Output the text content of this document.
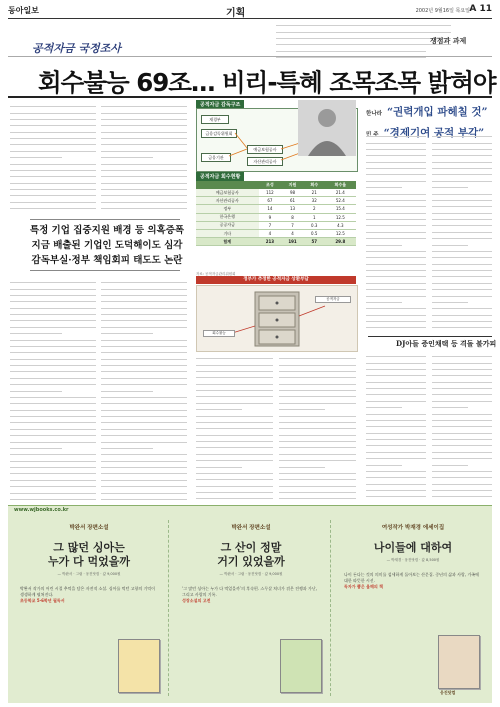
동아일보	기획	2002년 9월16일 목요일 A 11
공적자금 국정조사
쟁점과 과제
회수불능 69조… 비리-특혜 조목조목 밝혀야
특정 기업 집중지원 배경 등 의혹증폭
지금 배출된 기업인 도덕해이도 심각
감독부실·정부 책임회피 태도도 논란
공적자금 감독구조
재경부
금융감독위원회
예금보험공사
자산관리공사
금융기관
공적자금 회수현황
	조성	지원	회수	회수율
예금보험공사	112	98	21	21.4
자산관리공사	67	61	32	52.4
정부	14	13	2	15.4
한국은행	9	8	1	12.5
공공자금	7	7	0.3	4.3
기타	4	4	0.5	12.5
합계	213	191	57	29.8
자료: 공적자금관리위원회
정부가 추정한 공적자금 상환부담
공적자금
회수불능
한나라 “권력개입 파헤칠 것”
민 주 “경제기여 공적 부각”
DJ아들 증인채택 등 격돌 불가피
www.wjbooks.co.kr
박완서 장편소설
그 많던 싱아는
누가 다 먹었을까
— 박완서 · 그림 · 웅진닷컴 · 값 9,000원
박완서 작가의 어린 시절 추억을 담은 자전적 소설. 싱아를 먹던 고향의 기억이 생생하게 펼쳐진다.
초등학교 5·6학년 필독서
박완서 장편소설
그 산이 정말
거기 있었을까
— 박완서 · 그림 · 웅진닷컴 · 값 9,000원
‘그 많던 싱아는 누가 다 먹었을까’의 후속편. 스무살 처녀가 겪은 전쟁과 가난, 그리고 사랑의 기록.
성장소설의 고전
여성작가 박재경 에세이집
나이들에 대하여
— 박재경 · 웅진닷컴 · 값 8,500원
나이 든다는 것의 의미를 섬세하게 돌아보는 산문집. 중년의 삶과 사랑, 가족에 대한 따뜻한 시선.
독자가 뽑은 올해의 책
웅진닷컴
